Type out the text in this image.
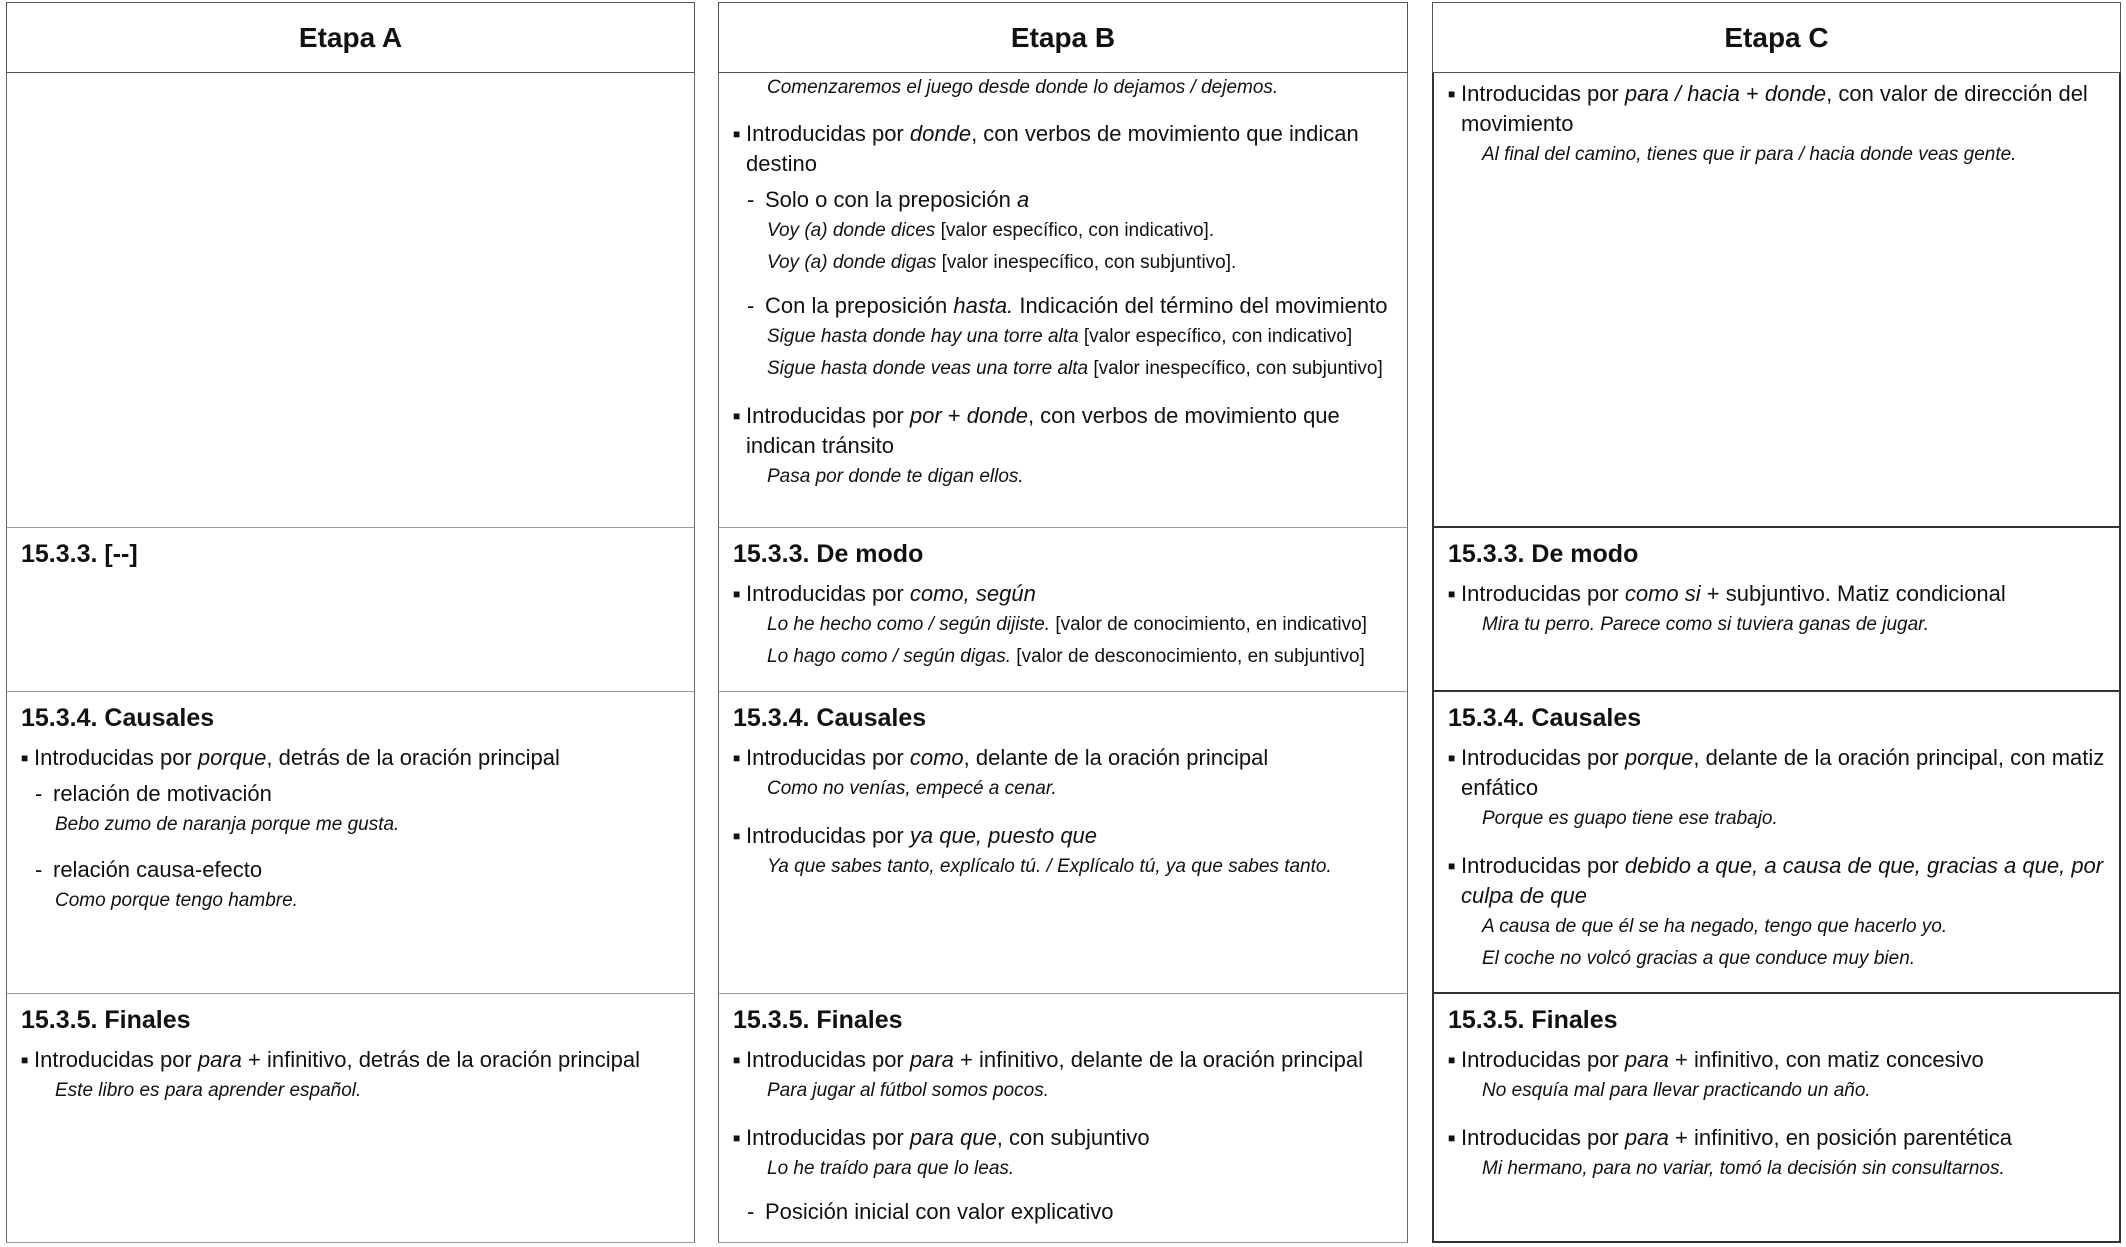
Etapa A
15.3.3. [--]
15.3.4. Causales
■ Introducidas por porque, detrás de la oración principal
- relación de motivación
Bebo zumo de naranja porque me gusta.
- relación causa-efecto
Como porque tengo hambre.
15.3.5. Finales
■ Introducidas por para + infinitivo, detrás de la oración principal
Este libro es para aprender español.
Etapa B
Comenzaremos el juego desde donde lo dejamos / dejemos.
■ Introducidas por donde, con verbos de movimiento que indican destino
- Solo o con la preposición a
Voy (a) donde dices [valor específico, con indicativo].
Voy (a) donde digas [valor inespecífico, con subjuntivo].
- Con la preposición hasta. Indicación del término del movimiento
Sigue hasta donde hay una torre alta [valor específico, con indicativo]
Sigue hasta donde veas una torre alta [valor inespecífico, con subjuntivo]
■ Introducidas por por + donde, con verbos de movimiento que indican tránsito
Pasa por donde te digan ellos.
15.3.3. De modo
■ Introducidas por como, según
Lo he hecho como / según dijiste. [valor de conocimiento, en indicativo]
Lo hago como / según digas. [valor de desconocimiento, en subjuntivo]
15.3.4. Causales
■ Introducidas por como, delante de la oración principal
Como no venías, empecé a cenar.
■ Introducidas por ya que, puesto que
Ya que sabes tanto, explícalo tú. / Explícalo tú, ya que sabes tanto.
15.3.5. Finales
■ Introducidas por para + infinitivo, delante de la oración principal
Para jugar al fútbol somos pocos.
■ Introducidas por para que, con subjuntivo
Lo he traído para que lo leas.
- Posición inicial con valor explicativo
Etapa C
■ Introducidas por para / hacia + donde, con valor de dirección del movimiento
Al final del camino, tienes que ir para / hacia donde veas gente.
15.3.3. De modo
■ Introducidas por como si + subjuntivo. Matiz condicional
Mira tu perro. Parece como si tuviera ganas de jugar.
15.3.4. Causales
■ Introducidas por porque, delante de la oración principal, con matiz enfático
Porque es guapo tiene ese trabajo.
■ Introducidas por debido a que, a causa de que, gracias a que, por culpa de que
A causa de que él se ha negado, tengo que hacerlo yo.
El coche no volcó gracias a que conduce muy bien.
15.3.5. Finales
■ Introducidas por para + infinitivo, con matiz concesivo
No esquía mal para llevar practicando un año.
■ Introducidas por para + infinitivo, en posición parentética
Mi hermano, para no variar, tomó la decisión sin consultarnos.
